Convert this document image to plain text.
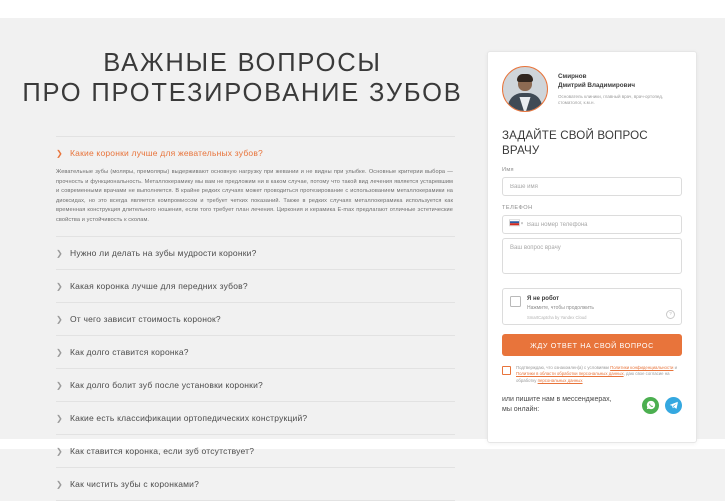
ВАЖНЫЕ ВОПРОСЫ
ПРО ПРОТЕЗИРОВАНИЕ ЗУБОВ
❯ Какие коронки лучше для жевательных зубов?
Жевательные зубы (моляры, премоляры) выдерживают основную нагрузку при жевании и не видны при улыбке. Основные критерии выбора — прочность и функциональность. Металлокерамику мы вам не предложим ни в каком случае, потому что такой вид лечения является устаревшим и современными врачами не выполняется. В крайне редких случаях может проводиться протезирование с использованием металлокерамики на диоксидах, но это всегда является компромиссом и требует четких показаний. Также в редких случаях металлокерамика используется как временная конструкция длительного ношения, если того требует план лечения. Циркония и керамика E-max предлагают отличные эстетические свойства и устойчивость к сколам.
❯ Нужно ли делать на зубы мудрости коронки?
❯ Какая коронка лучше для передних зубов?
❯ От чего зависит стоимость коронок?
❯ Как долго ставится коронка?
❯ Как долго болит зуб после установки коронки?
❯ Какие есть классификации ортопедических конструкций?
❯ Как ставится коронка, если зуб отсутствует?
❯ Как чистить зубы с коронками?
Смирнов
Дмитрий Владимирович
Основатель клиники, главный врач, врач-ортопед, стоматолог, к.м.н.
ЗАДАЙТЕ СВОЙ ВОПРОС ВРАЧУ
Имя
Ваше имя
ТЕЛЕФОН
▾
Ваш номер телефона
Ваш вопрос врачу
Я не робот
Нажмите, чтобы продолжить
SmartCaptcha by Yandex Cloud
?
ЖДУ ОТВЕТ НА СВОЙ ВОПРОС
Подтверждаю, что ознакомлен(а) с условиями Политики конфиденциальности и Политики в области обработки персональных данных, даю свое согласие на обработку персональных данных
или пишите нам в мессенджерах, мы онлайн:
